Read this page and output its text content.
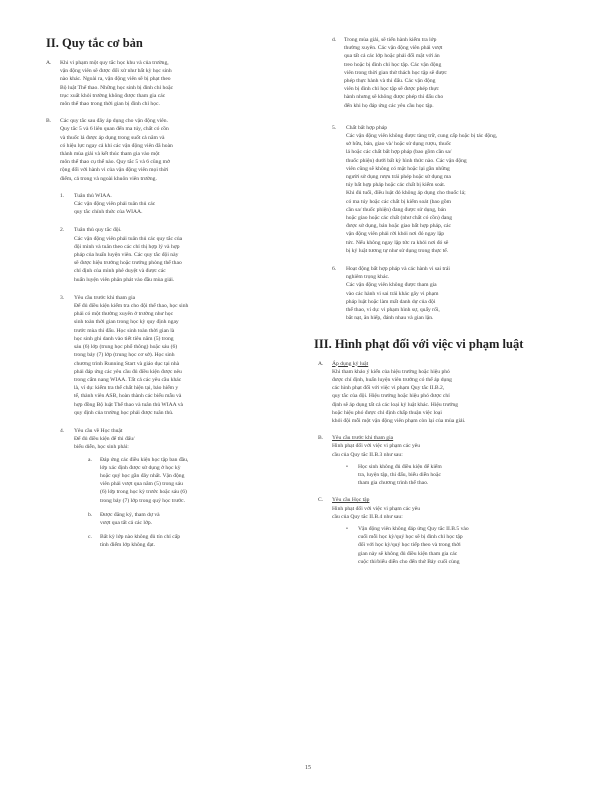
II. Quy tắc cơ bản
A. Khi vi phạm một quy tắc học khu và của trường,
vận động viên sẽ được đối xử như bất kỳ học sinh
nào khác. Ngoài ra, vận động viên sẽ bị phạt theo
Bộ luật Thể thao. Những học sinh bị đình chỉ hoặc
trục xuất khỏi trường không được tham gia các
môn thể thao trong thời gian bị đình chỉ học.
B. Các quy tắc sau đây áp dụng cho vận động viên.
Quy tắc 5 và 6 liên quan đến ma túy, chất có cồn
và thuốc lá được áp dụng trong suốt cả năm và
có hiệu lực ngay cả khi các vận động viên đã hoàn
thành mùa giải và kết thúc tham gia vào một
môn thể thao cụ thể nào. Quy tắc 5 và 6 cũng mở
rộng đối với hành vi của vận động viên mọi thời
điểm, cả trong và ngoài khuôn viên trường.
1. Tuân thủ WIAA.
Các vận động viên phải tuân thủ các
quy tắc chính thức của WIAA.
2. Tuân thủ quy tắc đội.
Các vận động viên phải tuân thủ các quy tắc của
đội mình và tuân theo các chỉ thị hợp lý và hợp
pháp của huấn luyện viên. Các quy tắc đội này
sẽ được hiệu trưởng hoặc trưởng phòng thể thao
chỉ định của mình phê duyệt và được các
huấn luyện viên phân phát vào đầu mùa giải.
3. Yêu cầu trước khi tham gia
Để đủ điều kiện kiểm tra cho đội thể thao, học sinh
phải có một thường xuyên ở trường như học
sinh toàn thời gian trong học kỳ quy định ngay
trước mùa thi đấu. Học sinh toàn thời gian là
học sinh ghi danh vào tiết tiêu năm (5) trong
sáu (6) lớp (trung học phổ thông) hoặc sáu (6)
trong bảy (7) lớp (trung học cơ sở). Học sinh
chương trình Running Start và giáo dục tại nhà
phải đáp ứng các yêu cầu đủ điều kiện được nêu
trong cẩm nang WIAA. Tất cả các yêu cầu khác
là, ví dụ: kiểm tra thể chất hiện tại, bảo hiểm y
tế, thành viên ASB, hoàn thành các biểu mẫu và
hợp đồng Bộ luật Thể thao và tuân thủ WIAA và
quy định của trường học phải được tuân thủ.
4. Yêu cầu về Học thuật
Để đủ điều kiện để thi đấu/
biểu diễn, học sinh phải:
a. Đáp ứng các điều kiện học tập ban đầu,
lớp xác định được sử dụng ở học kỳ
hoặc quý học gần đây nhất. Vận động
viên phải vượt qua năm (5) trong sáu
(6) lớp trong học kỳ trước hoặc sáu (6)
trong bảy (7) lớp trong quý học trước.
b. Được đăng ký, tham dự và
vượt qua tất cả các lớp.
c. Bất kỳ lớp nào không đủ tín chỉ cấp
tính điểm lớp không đạt.
d. Trong mùa giải, sẽ tiến hành kiểm tra lớp
thường xuyên. Các vận động viên phải vượt
qua tất cả các lớp hoặc phải đối mặt với án
treo hoặc bị đình chỉ học tập. Các vận động
viên trong thời gian thử thách học tập sẽ được
phép thực hành và thi đấu. Các vận động
viên bị đình chỉ học tập sẽ được phép thực
hành nhưng sẽ không được phép thi đấu cho
đến khi họ đáp ứng các yêu cầu học tập.
5. Chất bất hợp pháp
Các vận động viên không được tàng trữ, cung cấp hoặc bị tác động,
sở hữu, bán, giao và/ hoặc sử dụng rượu, thuốc
lá hoặc các chất bất hợp pháp (bao gồm cần sa/
thuốc phiện) dưới bất kỳ hình thức nào. Các vận động
viên cũng sẽ không có mặt hoặc lại gần những
người sử dụng rượu trái phép hoặc sử dụng ma
túy bất hợp pháp hoặc các chất bị kiểm soát.
Khi đủ tuổi, điều luật đó không áp dụng cho thuốc lá;
có ma túy hoặc các chất bị kiểm soát (bao gồm
cần sa/ thuốc phiện) đang được sử dụng, bán
hoặc giao hoặc các chất (như chất có cồn) đang
được sử dụng, bán hoặc giao bất hợp pháp, các
vận động viên phải rời khỏi nơi đó ngay lập
tức. Nếu không ngay lập tức ra khỏi nơi đó sẽ
bị kỷ luật tương tự như sử dụng trong thực tế.
6. Hoạt động bất hợp pháp và các hành vi sai trái
nghiêm trọng khác.
Các vận động viên không được tham gia
vào các hành vi sai trái khác gây vi phạm
pháp luật hoặc làm mất danh dự của đội
thể thao, ví dụ: vi phạm hình sự, quấy rối,
bắt nạt, ăn hiếp, đánh nhau và gian lận.
III. Hình phạt đối với việc vi phạm luật
A. Áp dụng kỷ luật
Khi tham khảo ý kiến của hiệu trưởng hoặc hiệu phó
được chỉ định, huấn luyện viên trưởng có thể áp dụng
các hình phạt đối với việc vi phạm Quy tắc II.B.2,
quy tắc của đội. Hiệu trưởng hoặc hiệu phó được chỉ
định sẽ áp dụng tất cả các loại kỷ luật khác. Hiệu trưởng
hoặc hiệu phó được chỉ định chấp thuận việc loại
khỏi đội mỗi một vận động viên phạm còn lại của mùa giải.
B. Yêu cầu trước khi tham gia
Hình phạt đối với việc vi phạm các yêu
cầu của Quy tắc II.B.3 như sau:
• Học sinh không đủ điều kiện để kiểm
tra, luyện tập, thi đấu, biểu diễn hoặc
tham gia chương trình thể thao.
C. Yêu cầu Học tập
Hình phạt đối với việc vi phạm các yêu
cầu của Quy tắc II.B.4 như sau:
• Vận động viên không đáp ứng Quy tắc II.B.5 vào
cuối mỗi học kỳ/quý học sẽ bị đình chỉ học tập
đối với học kỳ/quý học tiếp theo và trong thời
gian này sẽ không đủ điều kiện tham gia các
cuộc thi/biểu diễn cho đến thứ Bảy cuối cùng
15
